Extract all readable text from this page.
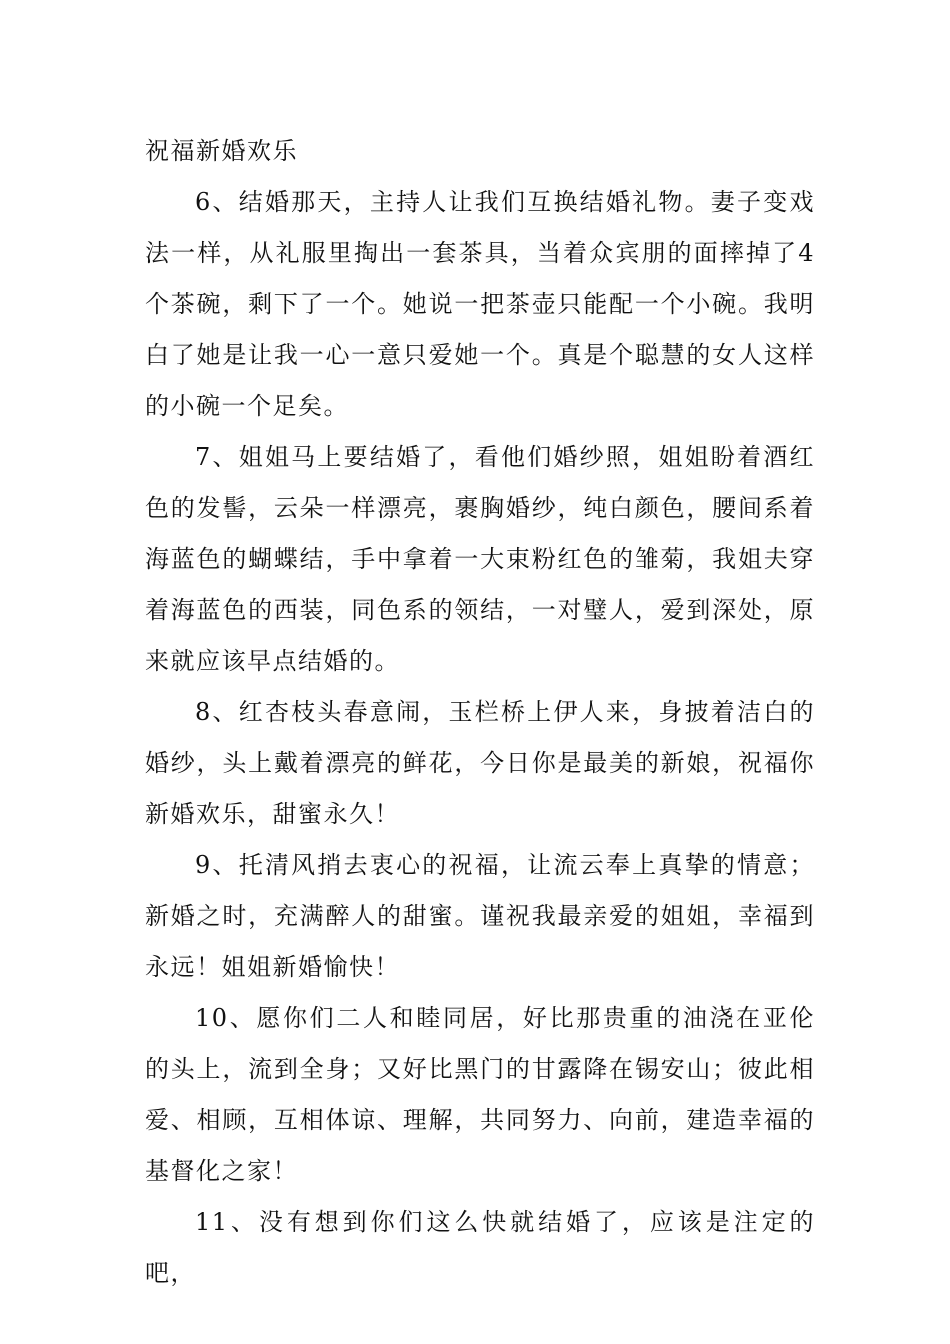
祝福新婚欢乐

6、结婚那天，主持人让我们互换结婚礼物。妻子变戏法一样，从礼服里掏出一套茶具，当着众宾朋的面摔掉了4个茶碗，剩下了一个。她说一把茶壶只能配一个小碗。我明白了她是让我一心一意只爱她一个。真是个聪慧的女人这样的小碗一个足矣。

7、姐姐马上要结婚了，看他们婚纱照，姐姐盼着酒红色的发髻，云朵一样漂亮，裹胸婚纱，纯白颜色，腰间系着海蓝色的蝴蝶结，手中拿着一大束粉红色的雏菊，我姐夫穿着海蓝色的西装，同色系的领结，一对璧人，爱到深处，原来就应该早点结婚的。

8、红杏枝头春意闹，玉栏桥上伊人来，身披着洁白的婚纱，头上戴着漂亮的鲜花，今日你是最美的新娘，祝福你新婚欢乐，甜蜜永久！

9、托清风捎去衷心的祝福，让流云奉上真挚的情意；新婚之时，充满醉人的甜蜜。谨祝我最亲爱的姐姐，幸福到永远！姐姐新婚愉快！

10、愿你们二人和睦同居，好比那贵重的油浇在亚伦的头上，流到全身；又好比黑门的甘露降在锡安山；彼此相爱、相顾，互相体谅、理解，共同努力、向前，建造幸福的基督化之家！

11、没有想到你们这么快就结婚了，应该是注定的吧，
